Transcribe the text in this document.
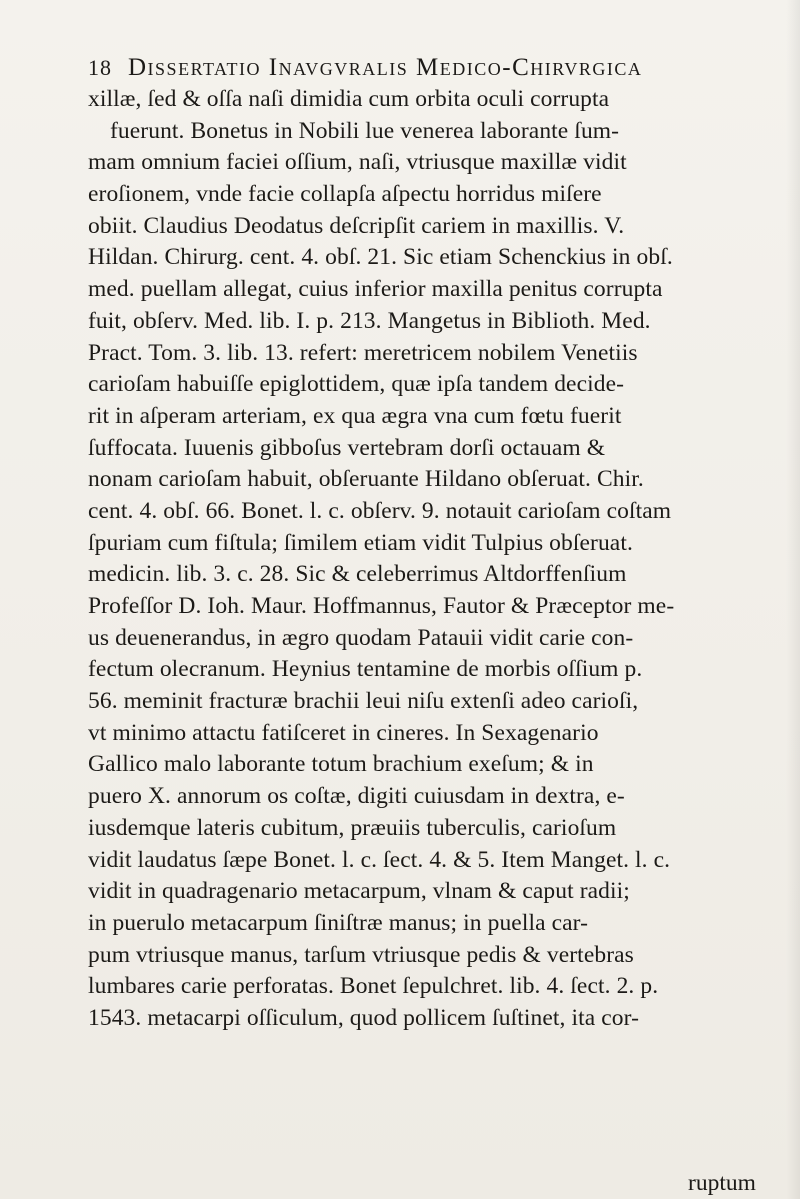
18 Dissertatio Inavgvralis Medico-Chirvrgica
xillæ, ſed & oſſa naſi dimidia cum orbita oculi corrupta
fuerunt. Bonetus in Nobili lue venerea laborante ſum-
mam omnium faciei oſſium, naſi, vtriusque maxillæ vidit
eroſionem, vnde facie collapſa aſpectu horridus miſere
obiit. Claudius Deodatus deſcripſit cariem in maxillis. V.
Hildan. Chirurg. cent. 4. obſ. 21. Sic etiam Schenckius in obſ.
med. puellam allegat, cuius inferior maxilla penitus corrupta
fuit, obſerv. Med. lib. I. p. 213. Mangetus in Biblioth. Med.
Pract. Tom. 3. lib. 13. refert: meretricem nobilem Venetiis
carioſam habuiſſe epiglottidem, quæ ipſa tandem decide-
rit in aſperam arteriam, ex qua ægra vna cum fœtu fuerit
ſuffocata. Iuuenis gibboſus vertebram dorſi octauam &
nonam carioſam habuit, obſeruante Hildano obſeruat. Chir.
cent. 4. obſ. 66. Bonet. l. c. obſerv. 9. notauit carioſam coſtam
ſpuriam cum fiſtula; ſimilem etiam vidit Tulpius obſeruat.
medicin. lib. 3. c. 28. Sic & celeberrimus Altdorffenſium
Profeſſor D. Ioh. Maur. Hoffmannus, Fautor & Præceptor me-
us deuenerandus, in ægro quodam Patauii vidit carie con-
fectum olecranum. Heynius tentamine de morbis oſſium p.
56. meminit fracturæ brachii leui niſu extenſi adeo carioſi,
vt minimo attactu fatiſceret in cineres. In Sexagenario
Gallico malo laborante totum brachium exeſum; & in
puero X. annorum os coſtæ, digiti cuiusdam in dextra, e-
iusdemque lateris cubitum, præuiis tuberculis, carioſum
vidit laudatus ſæpe Bonet. l. c. ſect. 4. & 5. Item Manget. l. c.
vidit in quadragenario metacarpum, vlnam & caput radii;
in puerulo metacarpum ſiniſtræ manus; in puella car-
pum vtriusque manus, tarſum vtriusque pedis & vertebras
lumbares carie perforatas. Bonet ſepulchret. lib. 4. ſect. 2. p.
1543. metacarpi oſſiculum, quod pollicem ſuſtinet, ita cor-
ruptum
